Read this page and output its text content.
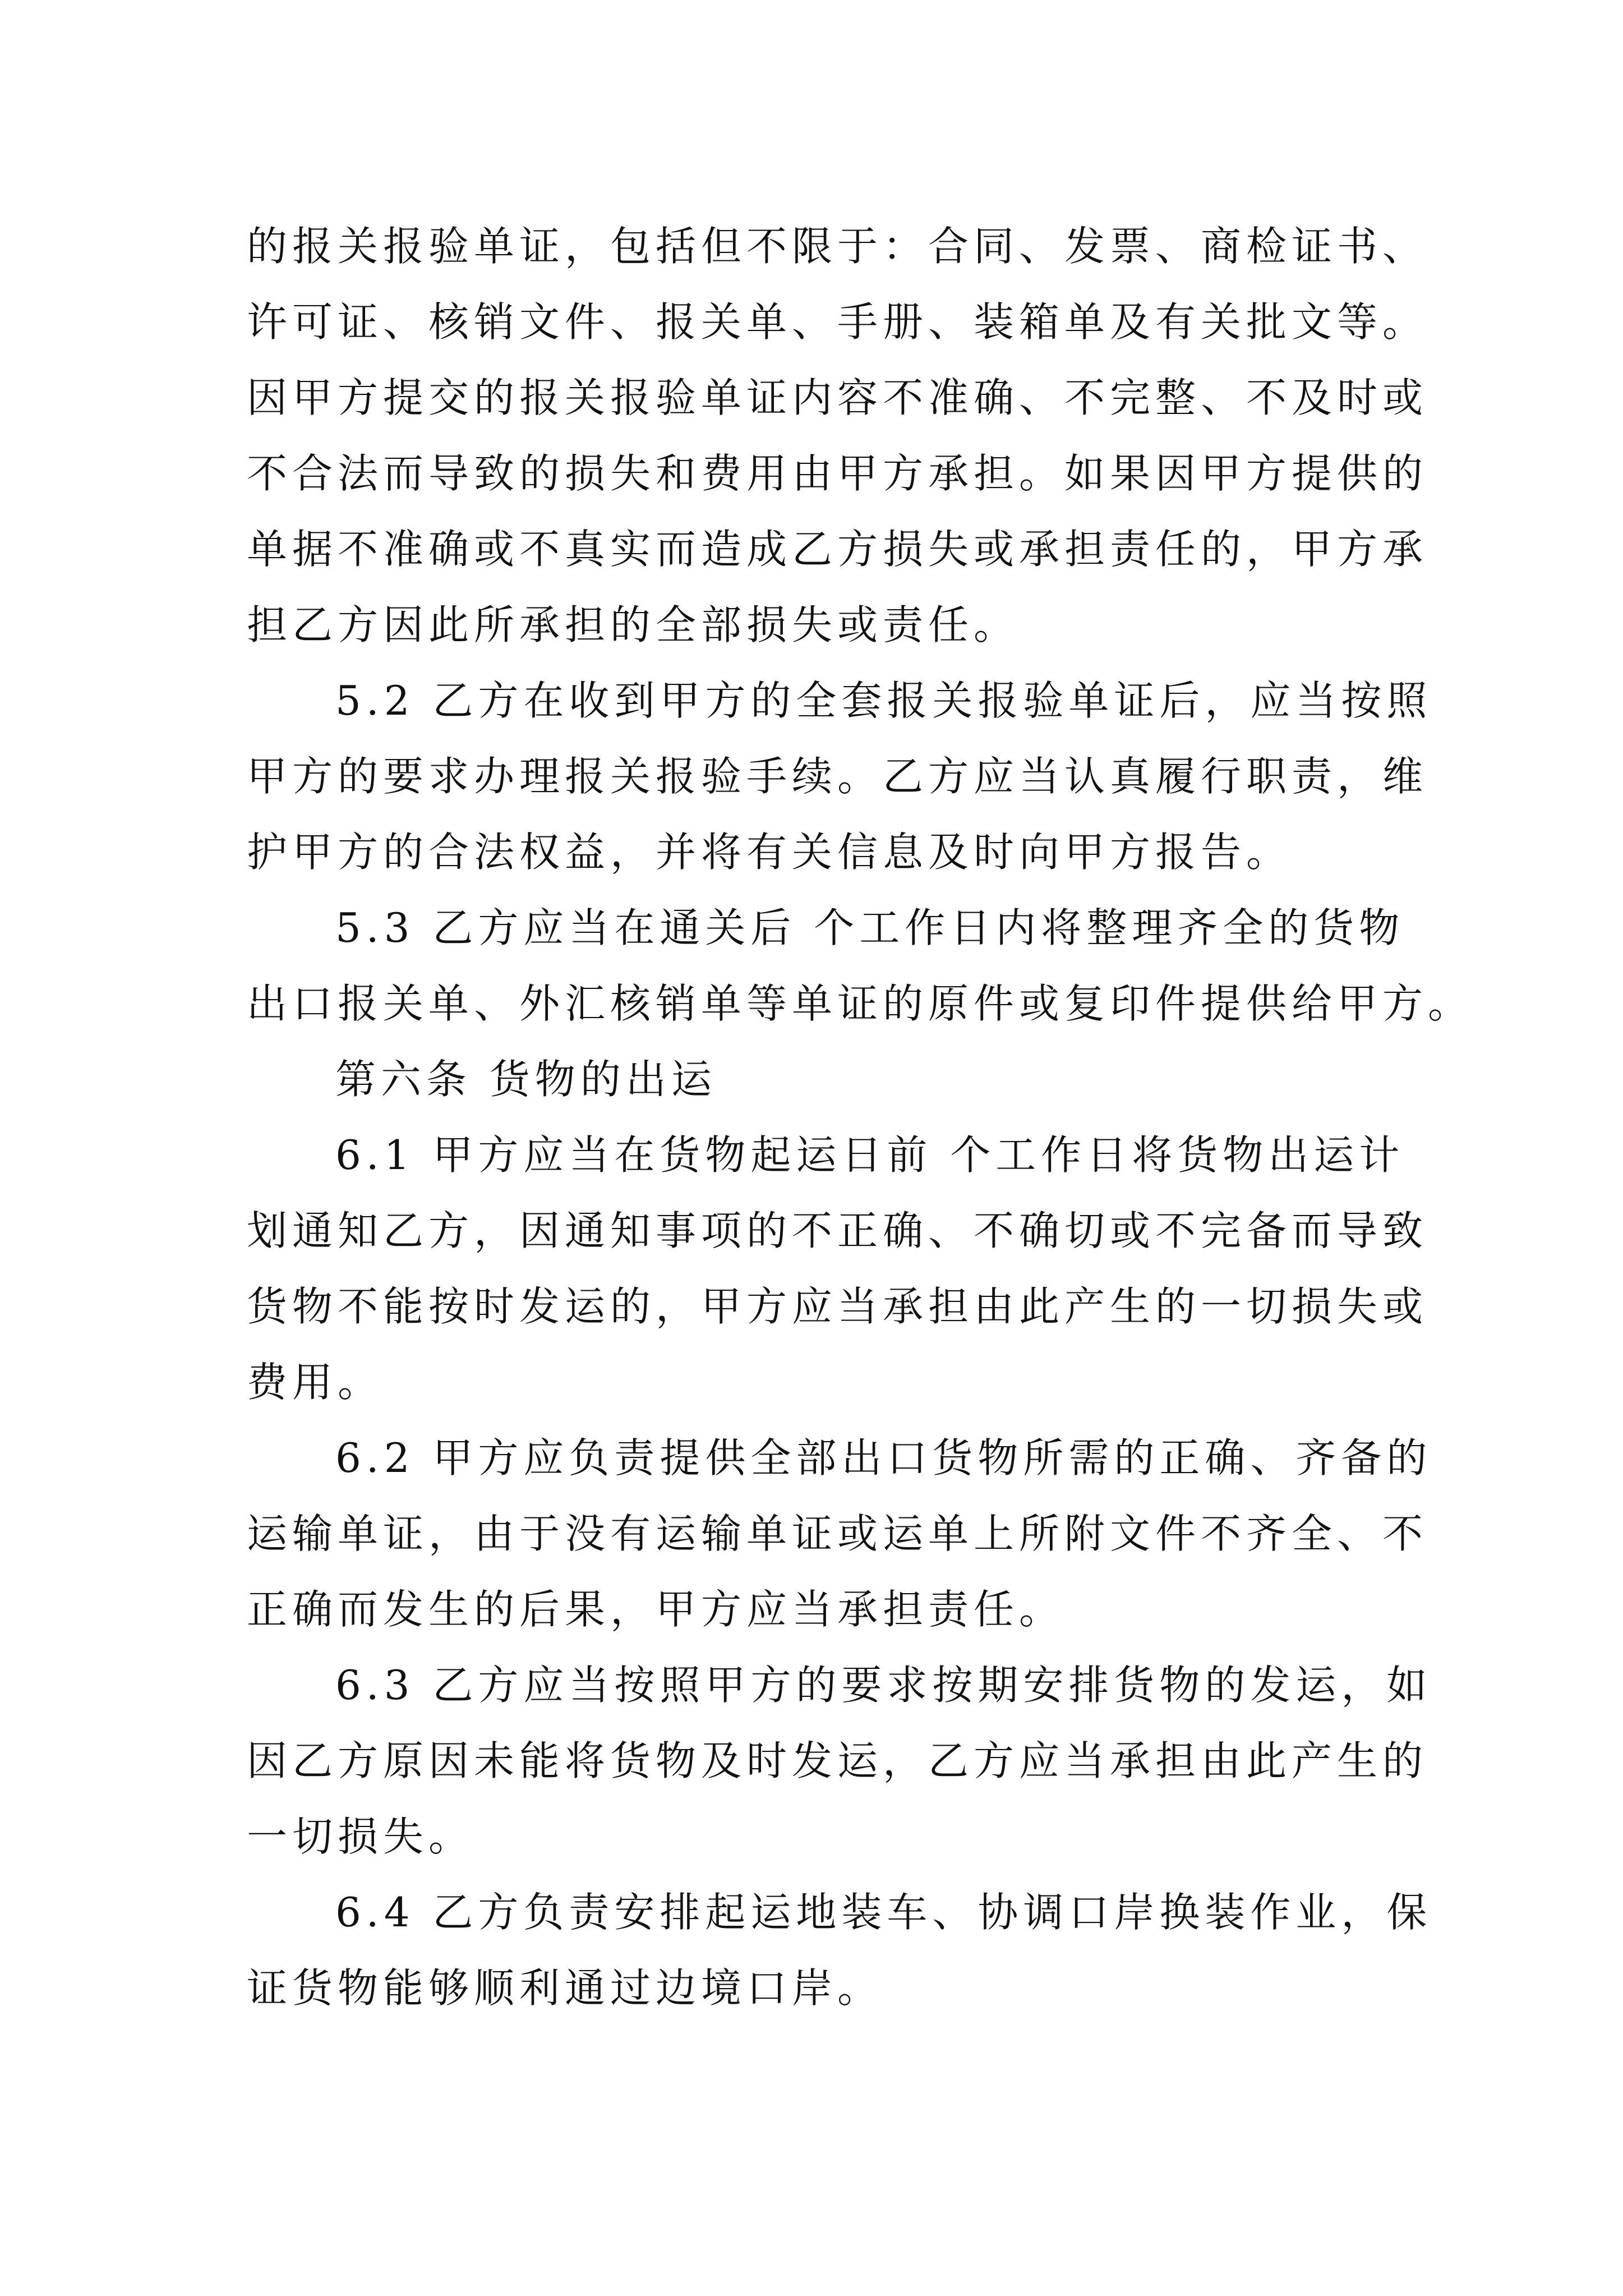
的报关报验单证，包括但不限于：合同、发票、商检证书、
许可证、核销文件、报关单、手册、装箱单及有关批文等。
因甲方提交的报关报验单证内容不准确、不完整、不及时或
不合法而导致的损失和费用由甲方承担。如果因甲方提供的
单据不准确或不真实而造成乙方损失或承担责任的，甲方承
担乙方因此所承担的全部损失或责任。
5.2 乙方在收到甲方的全套报关报验单证后，应当按照
甲方的要求办理报关报验手续。乙方应当认真履行职责，维
护甲方的合法权益，并将有关信息及时向甲方报告。
5.3 乙方应当在通关后 个工作日内将整理齐全的货物
出口报关单、外汇核销单等单证的原件或复印件提供给甲方。
第六条 货物的出运
6.1 甲方应当在货物起运日前 个工作日将货物出运计
划通知乙方，因通知事项的不正确、不确切或不完备而导致
货物不能按时发运的，甲方应当承担由此产生的一切损失或
费用。
6.2 甲方应负责提供全部出口货物所需的正确、齐备的
运输单证，由于没有运输单证或运单上所附文件不齐全、不
正确而发生的后果，甲方应当承担责任。
6.3 乙方应当按照甲方的要求按期安排货物的发运，如
因乙方原因未能将货物及时发运，乙方应当承担由此产生的
一切损失。
6.4 乙方负责安排起运地装车、协调口岸换装作业，保
证货物能够顺利通过边境口岸。
